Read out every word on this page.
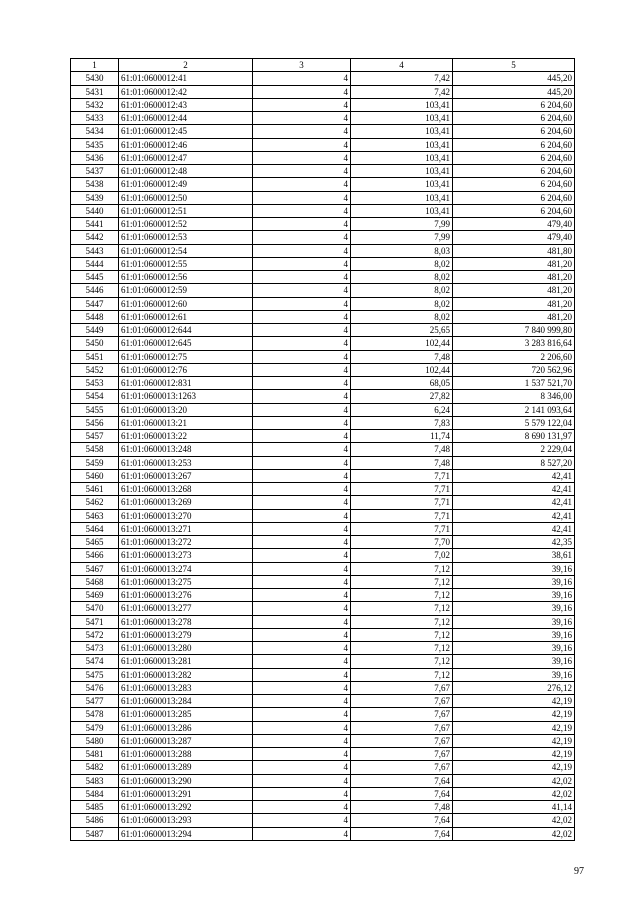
1	2	3	4	5
5430	61:01:0600012:41	4	7,42	445,20
5431	61:01:0600012:42	4	7,42	445,20
5432	61:01:0600012:43	4	103,41	6 204,60
5433	61:01:0600012:44	4	103,41	6 204,60
5434	61:01:0600012:45	4	103,41	6 204,60
5435	61:01:0600012:46	4	103,41	6 204,60
5436	61:01:0600012:47	4	103,41	6 204,60
5437	61:01:0600012:48	4	103,41	6 204,60
5438	61:01:0600012:49	4	103,41	6 204,60
5439	61:01:0600012:50	4	103,41	6 204,60
5440	61:01:0600012:51	4	103,41	6 204,60
5441	61:01:0600012:52	4	7,99	479,40
5442	61:01:0600012:53	4	7,99	479,40
5443	61:01:0600012:54	4	8,03	481,80
5444	61:01:0600012:55	4	8,02	481,20
5445	61:01:0600012:56	4	8,02	481,20
5446	61:01:0600012:59	4	8,02	481,20
5447	61:01:0600012:60	4	8,02	481,20
5448	61:01:0600012:61	4	8,02	481,20
5449	61:01:0600012:644	4	25,65	7 840 999,80
5450	61:01:0600012:645	4	102,44	3 283 816,64
5451	61:01:0600012:75	4	7,48	2 206,60
5452	61:01:0600012:76	4	102,44	720 562,96
5453	61:01:0600012:831	4	68,05	1 537 521,70
5454	61:01:0600013:1263	4	27,82	8 346,00
5455	61:01:0600013:20	4	6,24	2 141 093,64
5456	61:01:0600013:21	4	7,83	5 579 122,04
5457	61:01:0600013:22	4	11,74	8 690 131,97
5458	61:01:0600013:248	4	7,48	2 229,04
5459	61:01:0600013:253	4	7,48	8 527,20
5460	61:01:0600013:267	4	7,71	42,41
5461	61:01:0600013:268	4	7,71	42,41
5462	61:01:0600013:269	4	7,71	42,41
5463	61:01:0600013:270	4	7,71	42,41
5464	61:01:0600013:271	4	7,71	42,41
5465	61:01:0600013:272	4	7,70	42,35
5466	61:01:0600013:273	4	7,02	38,61
5467	61:01:0600013:274	4	7,12	39,16
5468	61:01:0600013:275	4	7,12	39,16
5469	61:01:0600013:276	4	7,12	39,16
5470	61:01:0600013:277	4	7,12	39,16
5471	61:01:0600013:278	4	7,12	39,16
5472	61:01:0600013:279	4	7,12	39,16
5473	61:01:0600013:280	4	7,12	39,16
5474	61:01:0600013:281	4	7,12	39,16
5475	61:01:0600013:282	4	7,12	39,16
5476	61:01:0600013:283	4	7,67	276,12
5477	61:01:0600013:284	4	7,67	42,19
5478	61:01:0600013:285	4	7,67	42,19
5479	61:01:0600013:286	4	7,67	42,19
5480	61:01:0600013:287	4	7,67	42,19
5481	61:01:0600013:288	4	7,67	42,19
5482	61:01:0600013:289	4	7,67	42,19
5483	61:01:0600013:290	4	7,64	42,02
5484	61:01:0600013:291	4	7,64	42,02
5485	61:01:0600013:292	4	7,48	41,14
5486	61:01:0600013:293	4	7,64	42,02
5487	61:01:0600013:294	4	7,64	42,02
97
